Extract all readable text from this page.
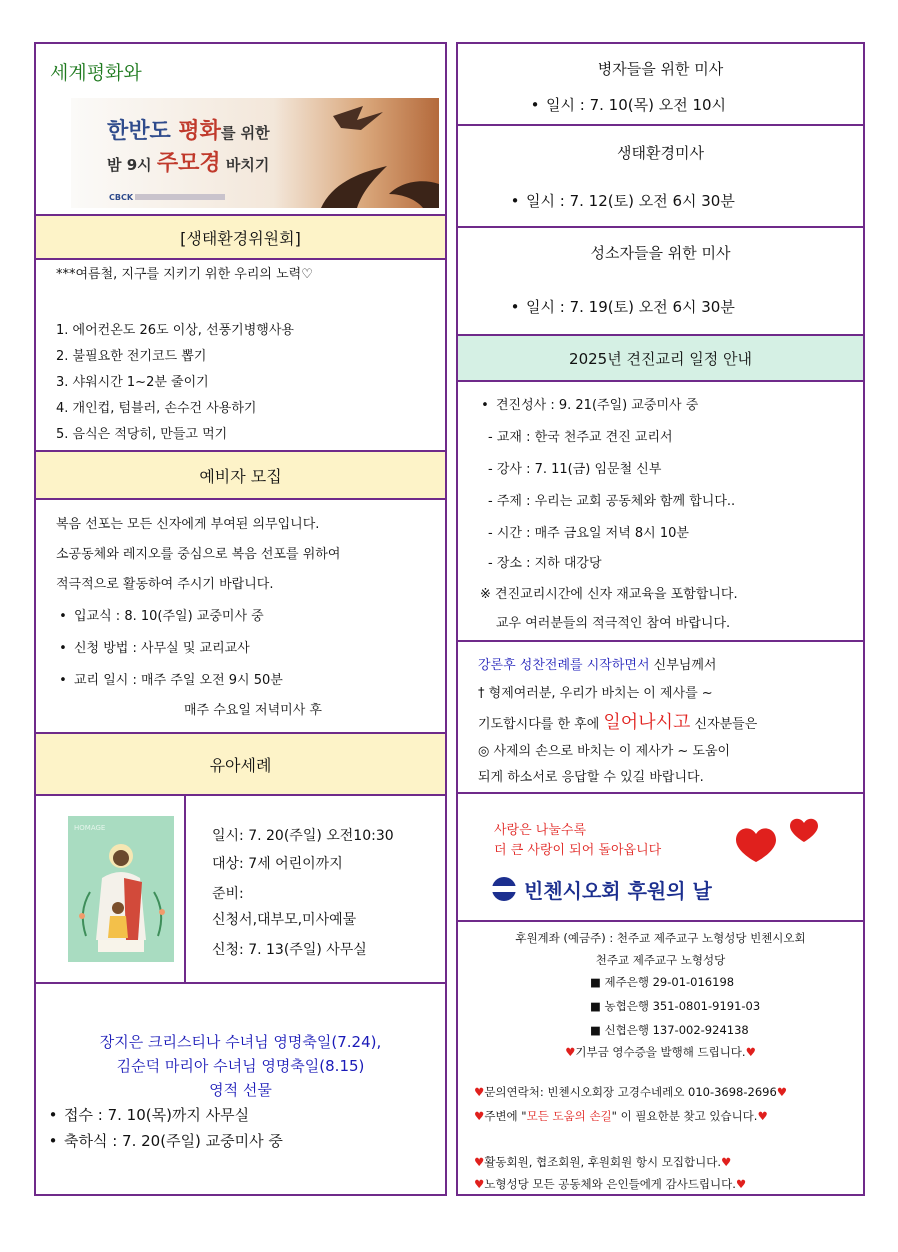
세계평화와
한반도 평화를 위한
밤 9시 주모경 바치기
CBCK
[생태환경위원회]
***여름철, 지구를 지키기 위한 우리의 노력♡
1. 에어컨온도 26도 이상, 선풍기병행사용
2. 불필요한 전기코드 뽑기
3. 샤워시간 1~2분 줄이기
4. 개인컵, 텀블러, 손수건 사용하기
5. 음식은 적당히, 만들고 먹기
예비자 모집
복음 선포는 모든 신자에게 부여된 의무입니다.
소공동체와 레지오를 중심으로 복음 선포를 위하여
적극적으로 활동하여 주시기 바랍니다.
• 입교식 : 8. 10(주일) 교중미사 중
• 신청 방법 : 사무실 및 교리교사
• 교리 일시 : 매주 주일 오전 9시 50분
매주 수요일 저녁미사 후
유아세례
HOMAGE	일시: 7. 20(주일) 오전10:30
대상: 7세 어린이까지
준비:
신청서,대부모,미사예물
신청: 7. 13(주일) 사무실
장지은 크리스티나 수녀님 영명축일(7.24),
김순덕 마리아 수녀님 영명축일(8.15)
영적 선물
• 접수 : 7. 10(목)까지 사무실
• 축하식 : 7. 20(주일) 교중미사 중
병자들을 위한 미사
• 일시 : 7. 10(목) 오전 10시
생태환경미사
• 일시 : 7. 12(토) 오전 6시 30분
성소자들을 위한 미사
• 일시 : 7. 19(토) 오전 6시 30분
2025년 견진교리 일정 안내
• 견진성사 : 9. 21(주일) 교중미사 중
- 교재 : 한국 천주교 견진 교리서
- 강사 : 7. 11(금) 임문철 신부
- 주제 : 우리는 교회 공동체와 함께 합니다..
- 시간 : 매주 금요일 저녁 8시 10분
- 장소 : 지하 대강당
※ 견진교리시간에 신자 재교육을 포함합니다.
교우 여러분들의 적극적인 참여 바랍니다.
강론후 성찬전례를 시작하면서 신부님께서
† 형제여러분, 우리가 바치는 이 제사를 ~
기도합시다를 한 후에 일어나시고 신자분들은
◎ 사제의 손으로 바치는 이 제사가 ~ 도움이
되게 하소서로 응답할 수 있길 바랍니다.
사랑은 나눌수록
더 큰 사랑이 되어 돌아옵니다
빈첸시오회 후원의 날
후원계좌 (예금주) : 천주교 제주교구 노형성당 빈첸시오회
천주교 제주교구 노형성당
■ 제주은행 29-01-016198
■ 농협은행 351-0801-9191-03
■ 신협은행 137-002-924138
♥기부금 영수증을 발행해 드립니다.♥
♥문의연락처: 빈첸시오회장 고경수네레오 010-3698-2696♥
♥주변에 "모든 도움의 손길" 이 필요한분 찾고 있습니다.♥
♥활동회원, 협조회원, 후원회원 항시 모집합니다.♥
♥노형성당 모든 공동체와 은인들에게 감사드립니다.♥
